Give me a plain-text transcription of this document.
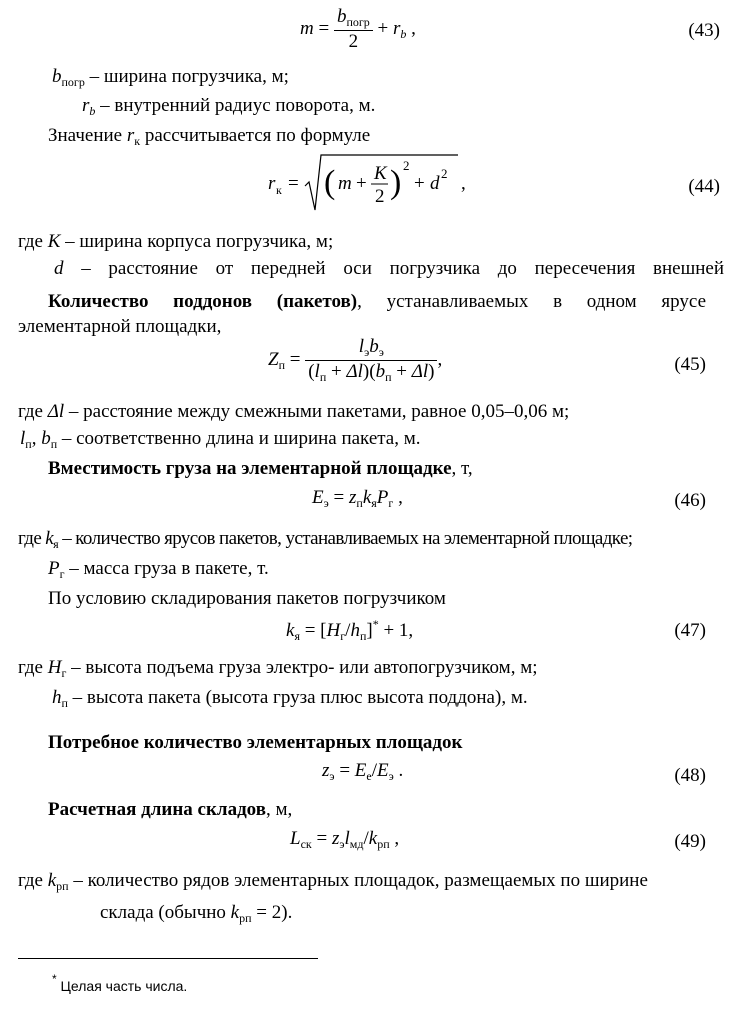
$m = \frac{b_{погр}}{2} + r_b$ ,	(43)
$b_{погр}$ – ширина погрузчика, м;
$r_b$ – внутренний радиус поворота, м.
Значение $r_к$ рассчитывается по формуле
r к = ( m + K
2 ) 2
+ d 2 ,	(44)
где K – ширина корпуса погрузчика, м;
d – расстояние от передней оси погрузчика до пересечения внешней
Количество поддонов (пакетов), устанавливаемых в одном ярусе
элементарной площадки,
$Z_п = \frac{l_эb_э}{(l_п + \Delta l)(b_п + \Delta l)}$ ,	(45)
где Δl – расстояние между смежными пакетами, равное 0,05–0,06 м;
$l_п$, $b_п$ – соответственно длина и ширина пакета, м.
Вместимость груза на элементарной площадке, т,
$E_э = z_пk_яP_г$ ,	(46)
где $k_я$ – количество ярусов пакетов, устанавливаемых на элементарной площадке;
$P_г$ – масса груза в пакете, т.
По условию складирования пакетов погрузчиком
$k_я = [H_г/h_п]^* + 1$,	(47)
где $H_г$ – высота подъема груза электро- или автопогрузчиком, м;
$h_п$ – высота пакета (высота груза плюс высота поддона), м.
Потребное количество элементарных площадок
$z_э = E_е/E_э$ .	(48)
Расчетная длина складов, м,
$L_{ск} = z_эl_{мд}/k_{рп}$ ,	(49)
где $k_{рп}$ – количество рядов элементарных площадок, размещаемых по ширине
склада (обычно $k_{рп} = 2$).
* Целая часть числа.
